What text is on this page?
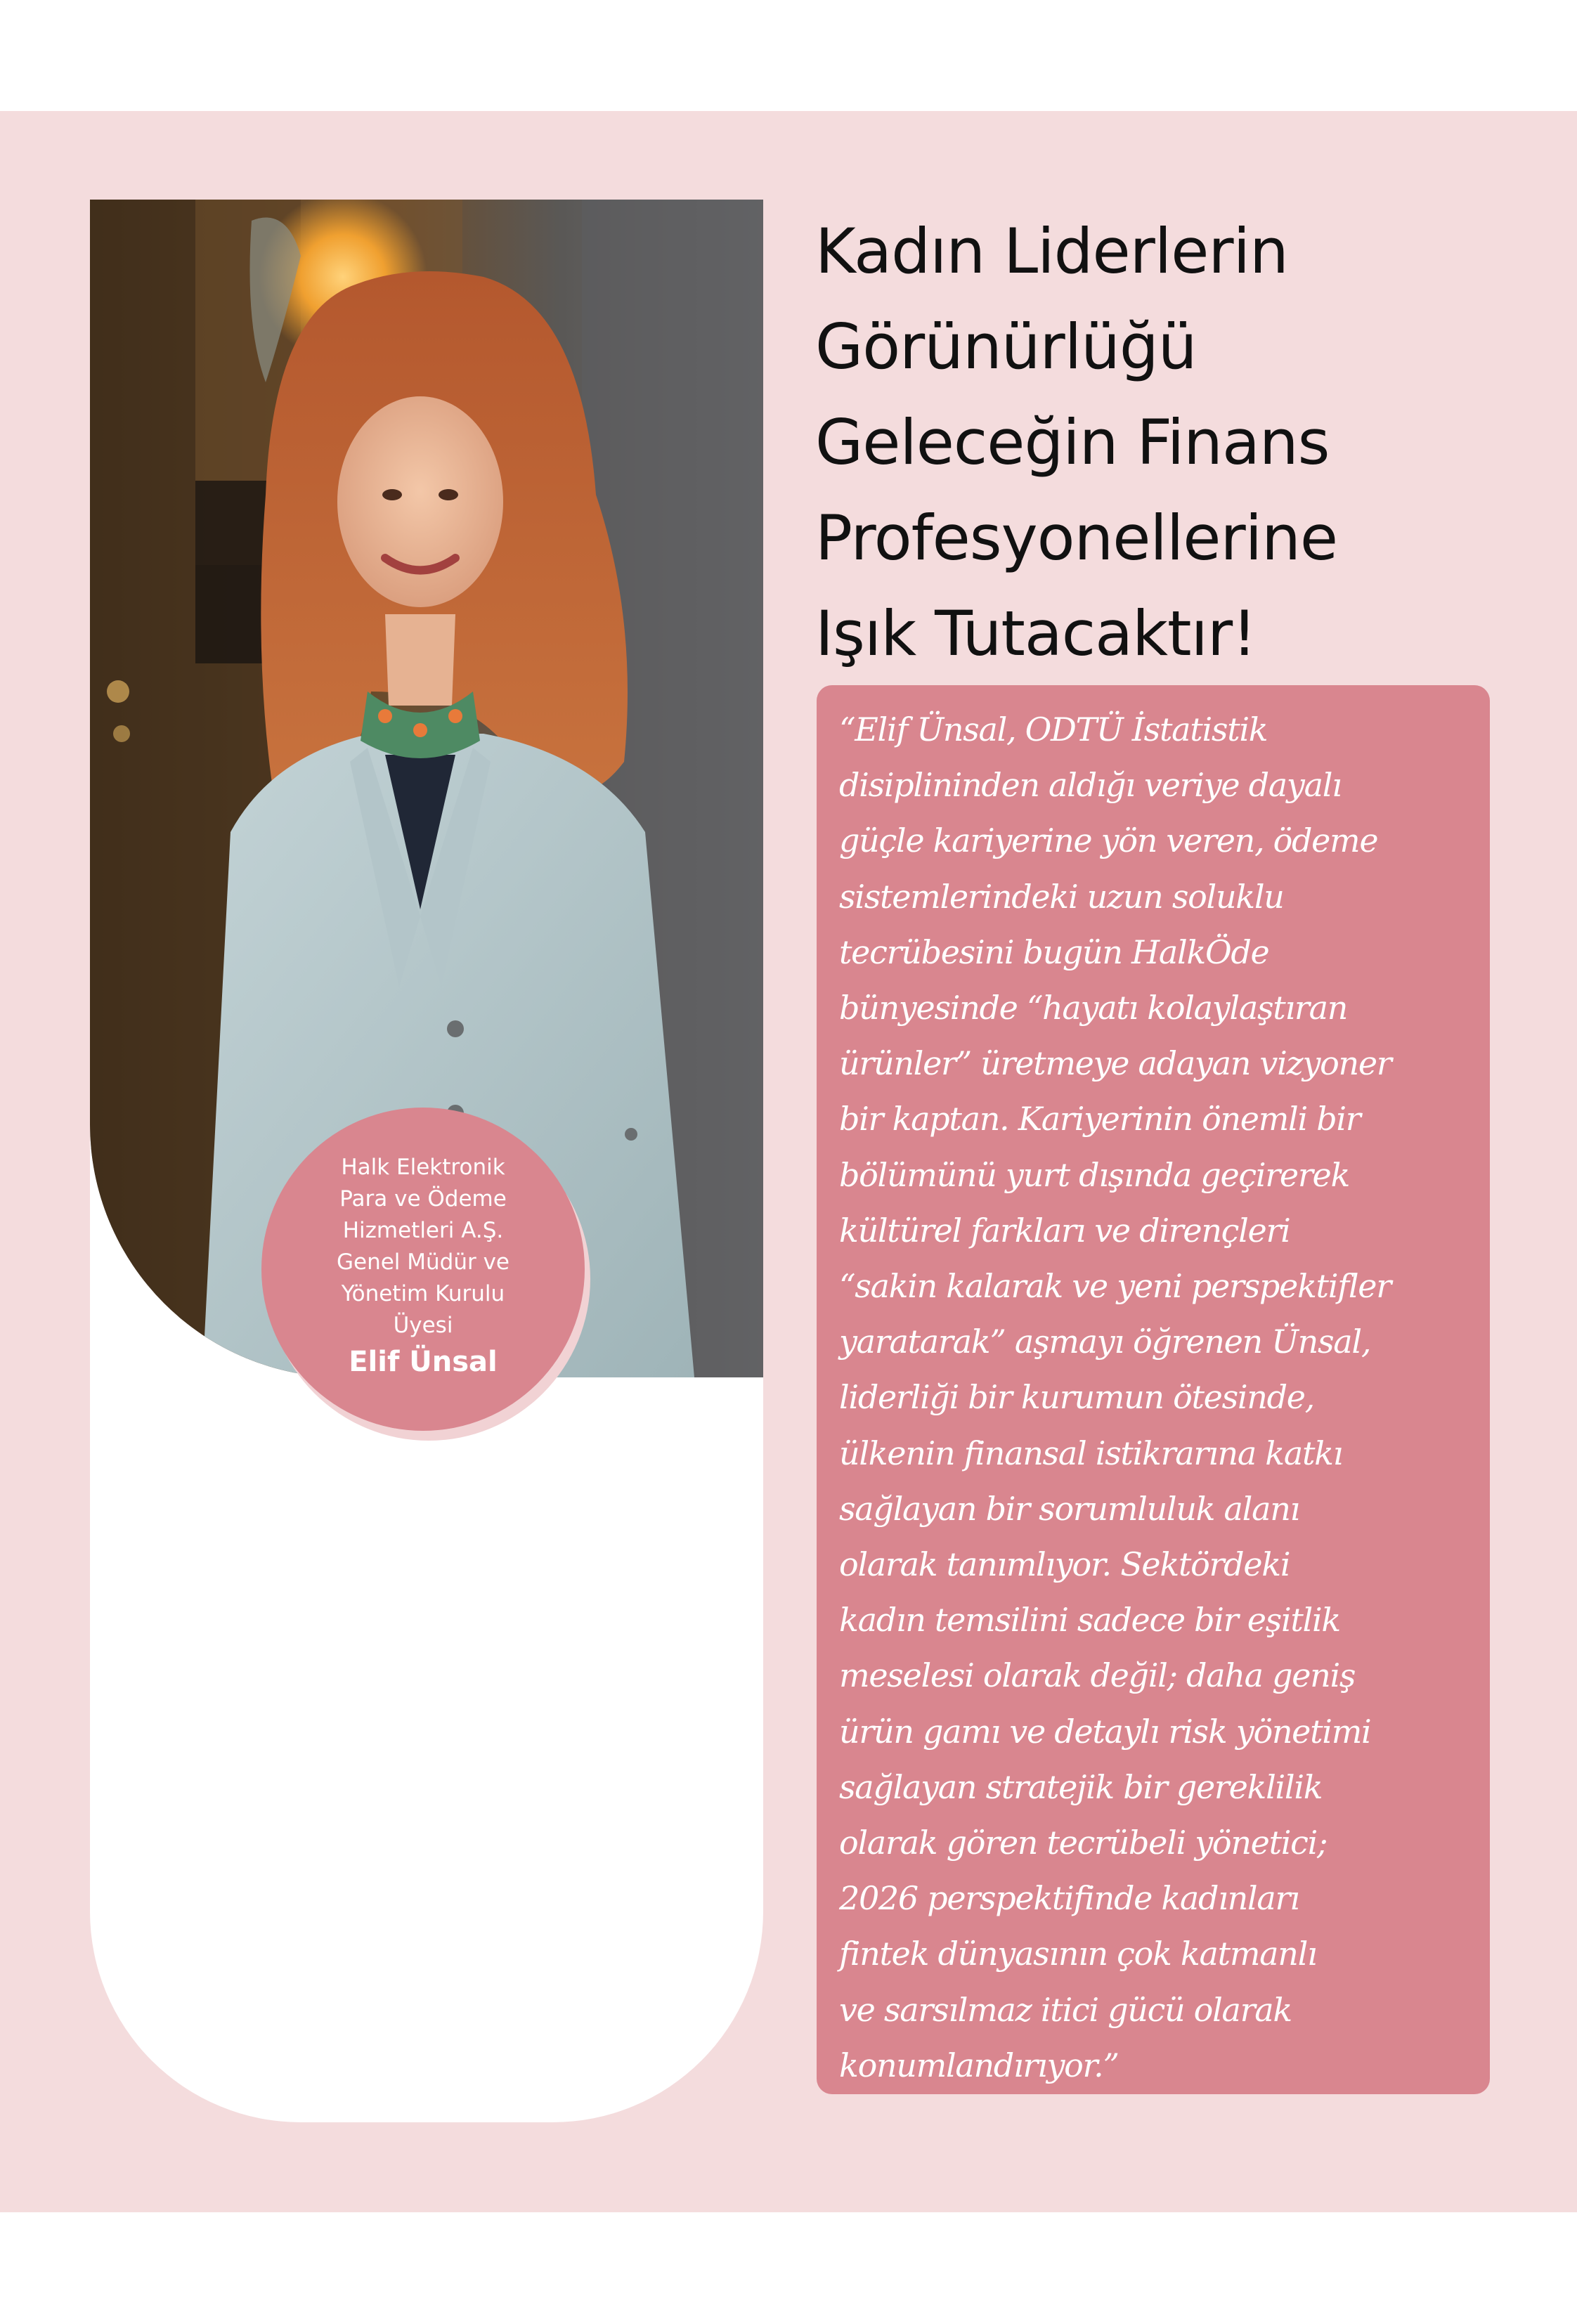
Halk Elektronik
Para ve Ödeme
Hizmetleri A.Ş.
Genel Müdür ve
Yönetim Kurulu
Üyesi
Elif Ünsal
Kadın Liderlerin
Görünürlüğü
Geleceğin Finans
Profesyonellerine
Işık Tutacaktır!

“Elif Ünsal, ODTÜ İstatistik
disiplininden aldığı veriye dayalı
güçle kariyerine yön veren, ödeme
sistemlerindeki uzun soluklu
tecrübesini bugün HalkÖde
bünyesinde “hayatı kolaylaştıran
ürünler” üretmeye adayan vizyoner
bir kaptan. Kariyerinin önemli bir
bölümünü yurt dışında geçirerek
kültürel farkları ve dirençleri
“sakin kalarak ve yeni perspektifler
yaratarak” aşmayı öğrenen Ünsal,
liderliği bir kurumun ötesinde,
ülkenin finansal istikrarına katkı
sağlayan bir sorumluluk alanı
olarak tanımlıyor. Sektördeki
kadın temsilini sadece bir eşitlik
meselesi olarak değil; daha geniş
ürün gamı ve detaylı risk yönetimi
sağlayan stratejik bir gereklilik
olarak gören tecrübeli yönetici;
2026 perspektifinde kadınları
fintek dünyasının çok katmanlı
ve sarsılmaz itici gücü olarak
konumlandırıyor.”
